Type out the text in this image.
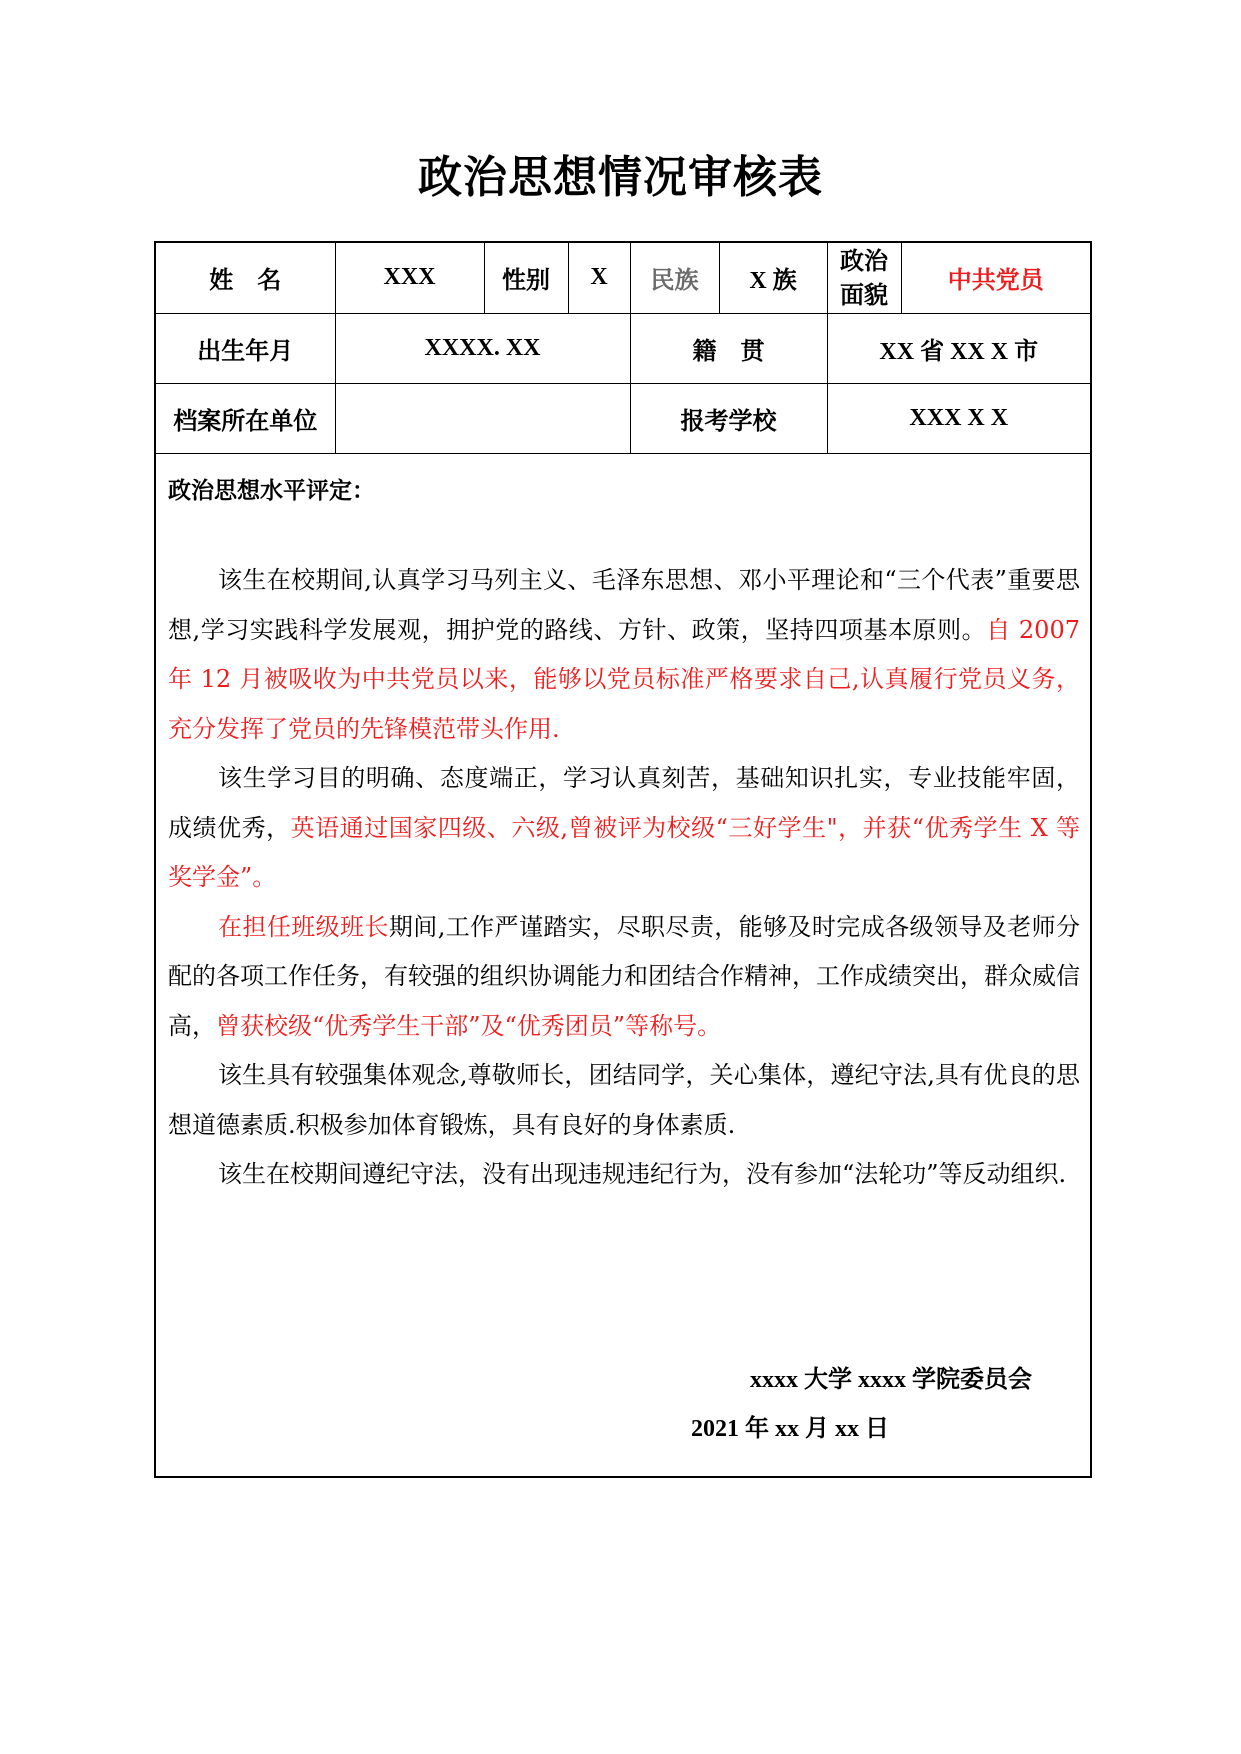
政治思想情况审核表
姓　名	XXX	性别	X	民族	X 族	政治
面貌	中共党员
出生年月	XXXX. XX			籍　贯		XX 省 XX X 市	
档案所在单位				报考学校		XXX X X	
政治思想水平评定：

该生在校期间,认真学习马列主义、毛泽东思想、邓小平理论和“三个代表”重要思想,学习实践科学发展观，拥护党的路线、方针、政策，坚持四项基本原则。自 2007 年 12 月被吸收为中共党员以来，能够以党员标准严格要求自己,认真履行党员义务，充分发挥了党员的先锋模范带头作用.

该生学习目的明确、态度端正，学习认真刻苦，基础知识扎实，专业技能牢固，成绩优秀，英语通过国家四级、六级,曾被评为校级“三好学生"，并获“优秀学生 X 等奖学金”。

在担任班级班长期间,工作严谨踏实，尽职尽责，能够及时完成各级领导及老师分配的各项工作任务，有较强的组织协调能力和团结合作精神，工作成绩突出，群众威信高，曾获校级“优秀学生干部”及“优秀团员”等称号。

该生具有较强集体观念,尊敬师长，团结同学，关心集体，遵纪守法,具有优良的思想道德素质.积极参加体育锻炼，具有良好的身体素质.

该生在校期间遵纪守法，没有出现违规违纪行为，没有参加“法轮功”等反动组织.

xxxx 大学 xxxx 学院委员会
2021 年 xx 月 xx 日
